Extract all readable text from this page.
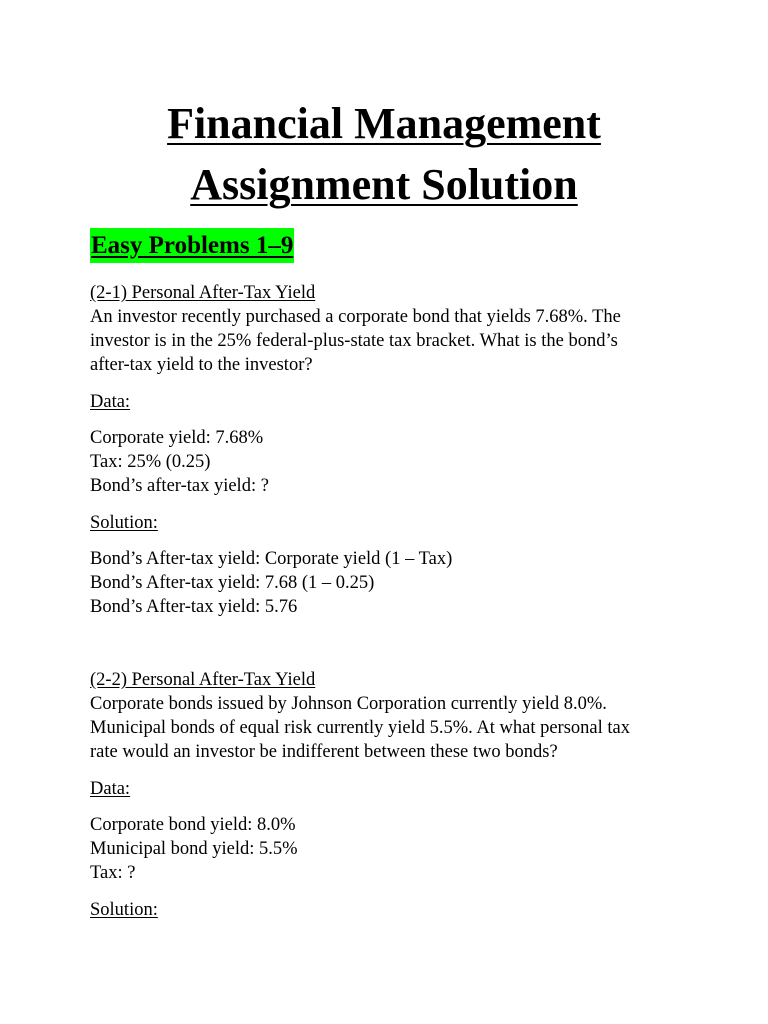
Financial Management
Assignment Solution
Easy Problems 1–9
(2-1) Personal After-Tax Yield
An investor recently purchased a corporate bond that yields 7.68%. The
investor is in the 25% federal-plus-state tax bracket. What is the bond’s
after-tax yield to the investor?
Data:
Corporate yield: 7.68%
Tax: 25% (0.25)
Bond’s after-tax yield: ?
Solution:
Bond’s After-tax yield: Corporate yield (1 – Tax)
Bond’s After-tax yield: 7.68 (1 – 0.25)
Bond’s After-tax yield: 5.76
(2-2) Personal After-Tax Yield
Corporate bonds issued by Johnson Corporation currently yield 8.0%.
Municipal bonds of equal risk currently yield 5.5%. At what personal tax
rate would an investor be indifferent between these two bonds?
Data:
Corporate bond yield: 8.0%
Municipal bond yield: 5.5%
Tax: ?
Solution:
